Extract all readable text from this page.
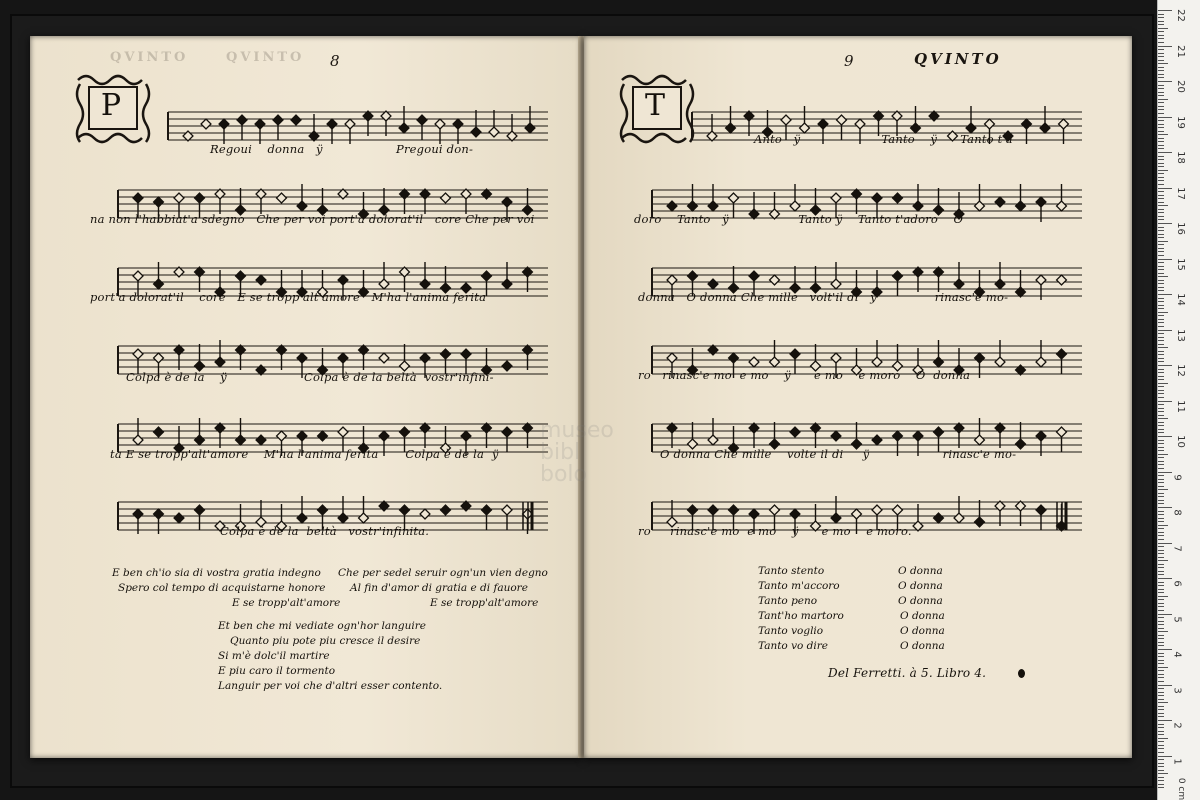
QVINTO     QVINTO 8
P
Regoui donna ÿ	Pregoui don-
na non l'habbiat'a sdegno Che per voi port'a dolorat'il core Che per voi
port'a dolorat'il core E se tropp'alt'amore M'ha l'anima ferita
Colpa è de la ÿ	Colpa è de la beltà vostr'infini-
ta E se tropp'alt'amore M'ha l'anima ferita Colpa è de la ÿ
Colpa è de la beltà vostr'infinita.
E ben ch'io sia di vostra gratia indegno
Spero col tempo di acquistarne honore
E se tropp'alt'amore
Che per sedel seruir ogn'un vien degno
Al fin d'amor di gratia e di fauore
E se tropp'alt'amore
Et ben che mi vediate ogn'hor languire
Quanto piu pote piu cresce il desire
Si m'è dolc'il martire
E piu caro il tormento
Languir per voi che d'altri esser contento.
9	QVINTO
T
Anto ÿ	Tanto ÿ Tanto t'a-
doro Tanto ÿ	Tanto ÿ Tanto t'adoro O
donna O donna Che mille volt'il di ÿ	rinasc'e mo-
ro rinasc'e mo e mo ÿ e mo e moro O donna
O donna Che mille volte il di ÿ	rinasc'e mo-
ro rinasc'e mo e mo ÿ e mo e moro.
Tanto stento	O donna
Tanto m'accoro	O donna
Tanto peno	O donna
Tant'ho martoro	O donna
Tanto voglio	O donna
Tanto vo dire	O donna
Del Ferretti. à 5. Libro 4.
museo
bibl
bolo
22
21
20
19
18
17
16
15
14
13
12
11
10
9
8
7
6
5
4
3
2
1
0 cm
